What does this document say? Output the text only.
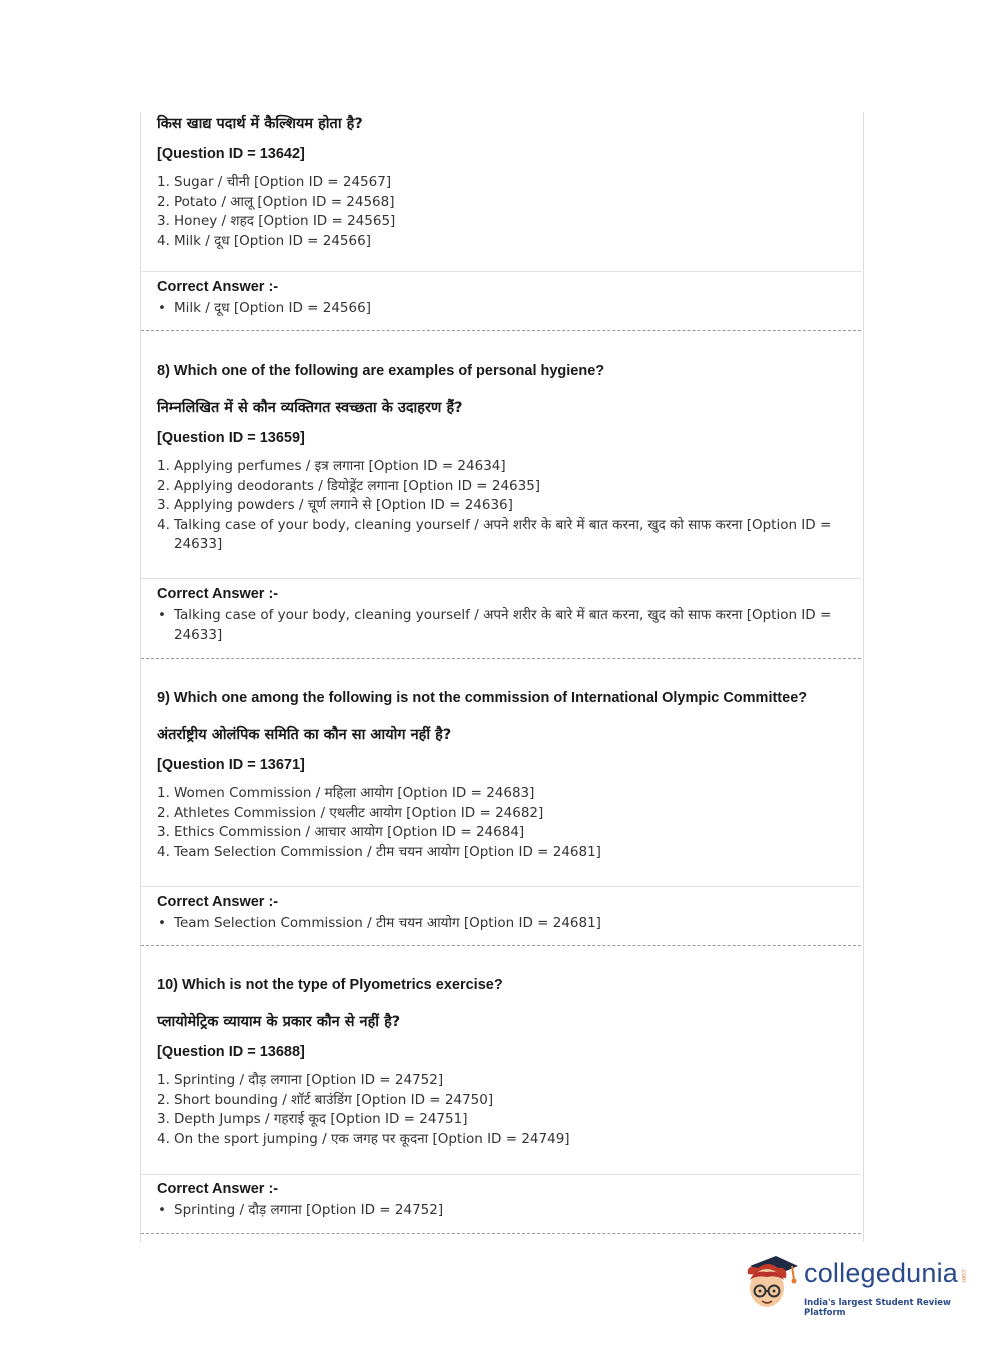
किस खाद्य पदार्थ में कैल्शियम होता है?
[Question ID = 13642]
1. Sugar / चीनी [Option ID = 24567]
2. Potato / आलू [Option ID = 24568]
3. Honey / शहद [Option ID = 24565]
4. Milk / दूध [Option ID = 24566]
Correct Answer :-
• Milk / दूध [Option ID = 24566]
8) Which one of the following are examples of personal hygiene?
निम्नलिखित में से कौन व्यक्तिगत स्वच्छता के उदाहरण हैं?
[Question ID = 13659]
1. Applying perfumes / इत्र लगाना [Option ID = 24634]
2. Applying deodorants / डियोड्रेंट लगाना [Option ID = 24635]
3. Applying powders / चूर्ण लगाने से [Option ID = 24636]
4. Talking case of your body, cleaning yourself / अपने शरीर के बारे में बात करना, खुद को साफ करना [Option ID = 24633]
Correct Answer :-
• Talking case of your body, cleaning yourself / अपने शरीर के बारे में बात करना, खुद को साफ करना [Option ID = 24633]
9) Which one among the following is not the commission of International Olympic Committee?
अंतर्राष्ट्रीय ओलंपिक समिति का कौन सा आयोग नहीं है?
[Question ID = 13671]
1. Women Commission / महिला आयोग [Option ID = 24683]
2. Athletes Commission / एथलीट आयोग [Option ID = 24682]
3. Ethics Commission / आचार आयोग [Option ID = 24684]
4. Team Selection Commission / टीम चयन आयोग [Option ID = 24681]
Correct Answer :-
• Team Selection Commission / टीम चयन आयोग [Option ID = 24681]
10) Which is not the type of Plyometrics exercise?
प्लायोमेट्रिक व्यायाम के प्रकार कौन से नहीं है?
[Question ID = 13688]
1. Sprinting / दौड़ लगाना [Option ID = 24752]
2. Short bounding / शॉर्ट बाउंडिंग [Option ID = 24750]
3. Depth Jumps / गहराई कूद [Option ID = 24751]
4. On the sport jumping / एक जगह पर कूदना [Option ID = 24749]
Correct Answer :-
• Sprinting / दौड़ लगाना [Option ID = 24752]
collegedunia .com
India's largest Student Review Platform
